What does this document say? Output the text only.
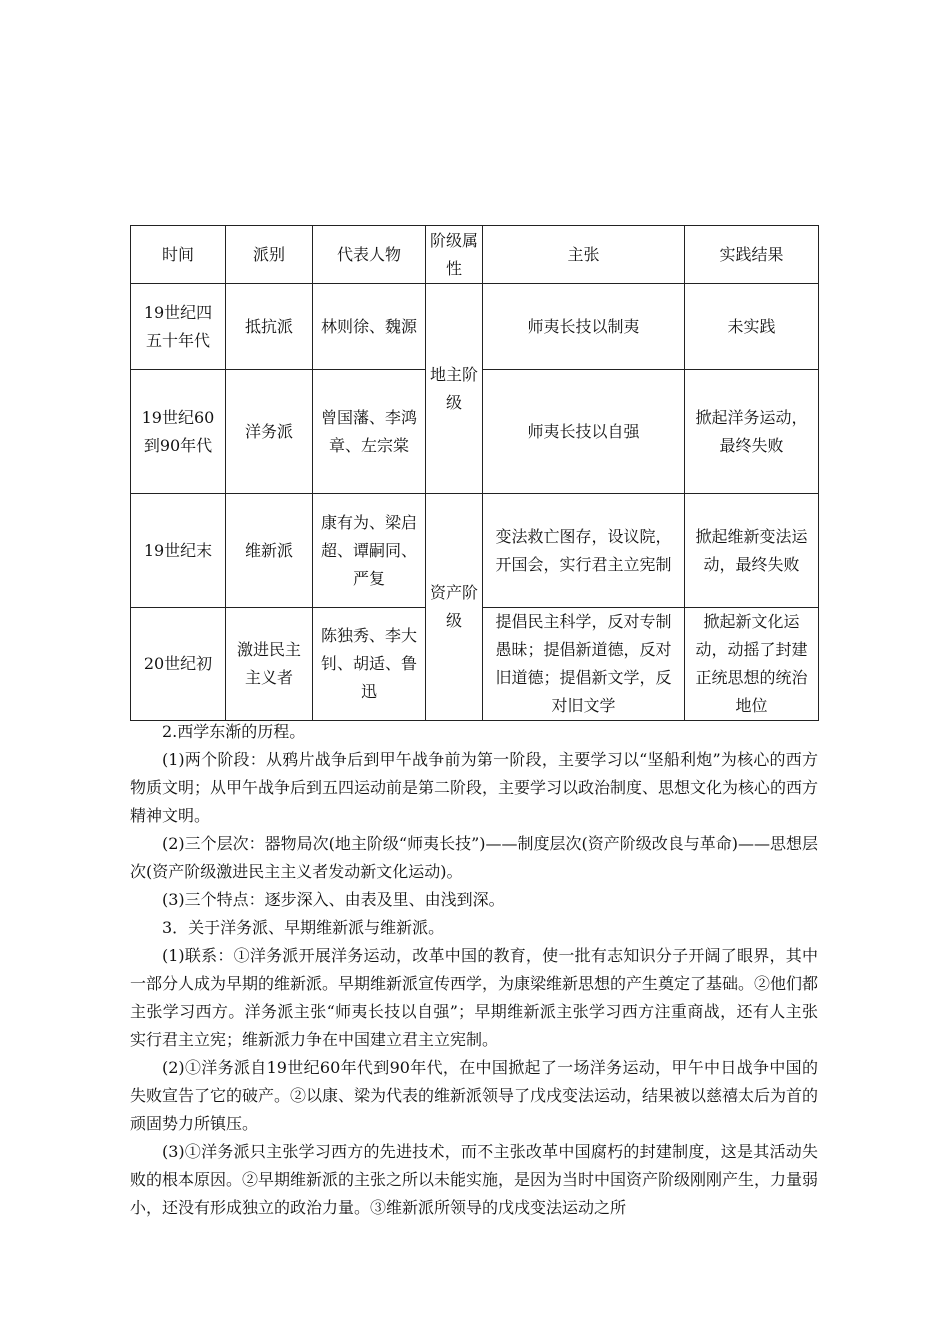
时间	派别	代表人物	阶级属性	主张	实践结果
19世纪四五十年代	抵抗派	林则徐、魏源	地主阶级	师夷长技以制夷	未实践
19世纪60到90年代	洋务派	曾国藩、李鸿章、左宗棠		师夷长技以自强	掀起洋务运动，最终失败
19世纪末	维新派	康有为、梁启超、谭嗣同、严复	资产阶级	变法救亡图存，设议院，开国会，实行君主立宪制	掀起维新变法运动，最终失败
20世纪初	激进民主主义者	陈独秀、李大钊、胡适、鲁迅		提倡民主科学，反对专制愚昧；提倡新道德，反对旧道德；提倡新文学，反对旧文学	掀起新文化运动，动摇了封建正统思想的统治地位

2.西学东渐的历程。

(1)两个阶段：从鸦片战争后到甲午战争前为第一阶段，主要学习以“坚船利炮”为核心的西方物质文明；从甲午战争后到五四运动前是第二阶段，主要学习以政治制度、思想文化为核心的西方精神文明。

(2)三个层次：器物局次(地主阶级“师夷长技”)——制度层次(资产阶级改良与革命)——思想层次(资产阶级激进民主主义者发动新文化运动)。

(3)三个特点：逐步深入、由表及里、由浅到深。

3．关于洋务派、早期维新派与维新派。

(1)联系：①洋务派开展洋务运动，改革中国的教育，使一批有志知识分子开阔了眼界，其中一部分人成为早期的维新派。早期维新派宣传西学，为康梁维新思想的产生奠定了基础。②他们都主张学习西方。洋务派主张“师夷长技以自强”；早期维新派主张学习西方注重商战，还有人主张实行君主立宪；维新派力争在中国建立君主立宪制。

(2)①洋务派自19世纪60年代到90年代，在中国掀起了一场洋务运动，甲午中日战争中国的失败宣告了它的破产。②以康、梁为代表的维新派领导了戊戌变法运动，结果被以慈禧太后为首的顽固势力所镇压。

(3)①洋务派只主张学习西方的先进技术，而不主张改革中国腐朽的封建制度，这是其活动失败的根本原因。②早期维新派的主张之所以未能实施，是因为当时中国资产阶级刚刚产生，力量弱小，还没有形成独立的政治力量。③维新派所领导的戊戌变法运动之所
